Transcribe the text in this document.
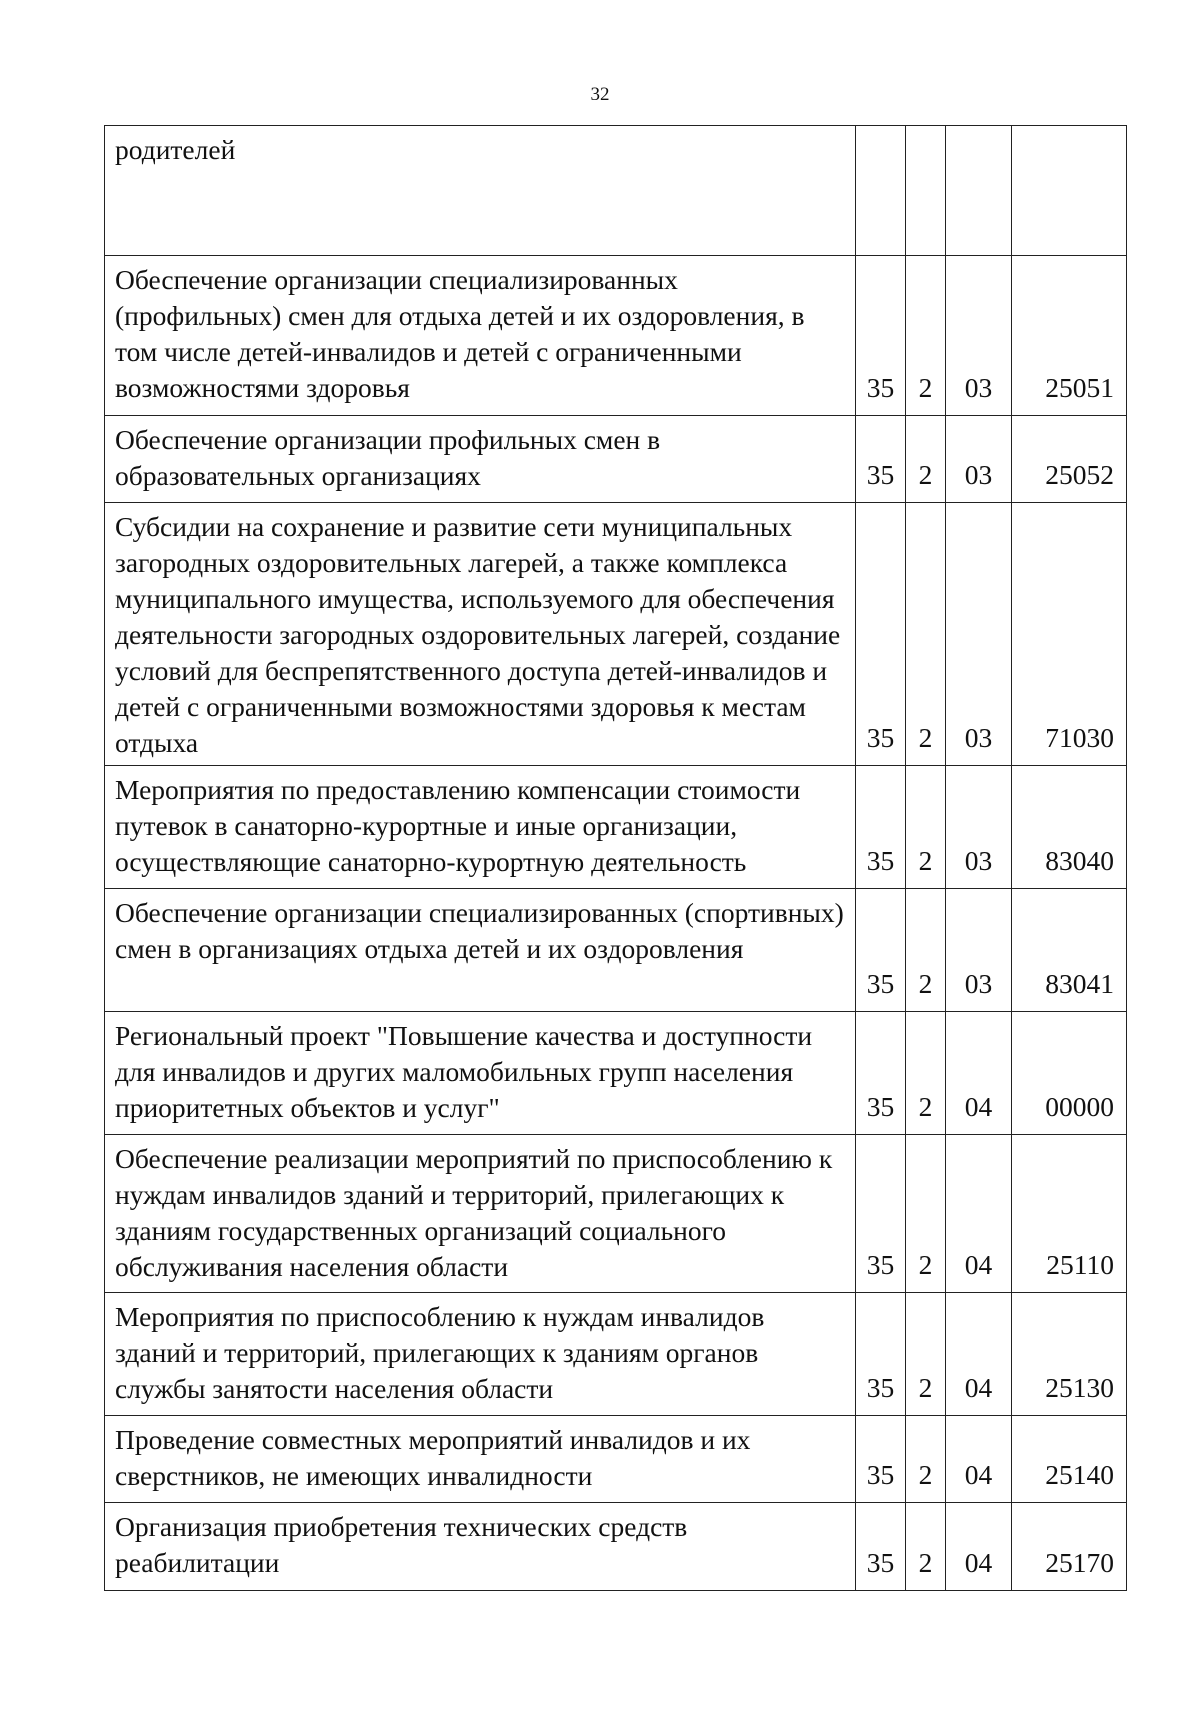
32
родителей				
Обеспечение организации специализированных (профильных) смен для отдыха детей и их оздоровления, в том числе детей-инвалидов и детей с ограниченными возможностями здоровья	35	2	03	25051
Обеспечение организации профильных смен в образовательных организациях	35	2	03	25052
Субсидии на сохранение и развитие сети муниципальных загородных оздоровительных лагерей, а также комплекса муниципального имущества, используемого для обеспечения деятельности загородных оздоровительных лагерей, создание условий для беспрепятственного доступа детей-инвалидов и детей с ограниченными возможностями здоровья к местам отдыха	35	2	03	71030
Мероприятия по предоставлению компенсации стоимости путевок в санаторно-курортные и иные организации, осуществляющие санаторно-курортную деятельность	35	2	03	83040
Обеспечение организации специализированных (спортивных) смен в организациях отдыха детей и их оздоровления	35	2	03	83041
Региональный проект "Повышение качества и доступности для инвалидов и других маломобильных групп населения приоритетных объектов и услуг"	35	2	04	00000
Обеспечение реализации мероприятий по приспособлению к нуждам инвалидов зданий и территорий, прилегающих к зданиям государственных организаций социального обслуживания населения области	35	2	04	25110
Мероприятия по приспособлению к нуждам инвалидов зданий и территорий, прилегающих к зданиям органов службы занятости населения области	35	2	04	25130
Проведение совместных мероприятий инвалидов и их сверстников, не имеющих инвалидности	35	2	04	25140
Организация приобретения технических средств реабилитации	35	2	04	25170
